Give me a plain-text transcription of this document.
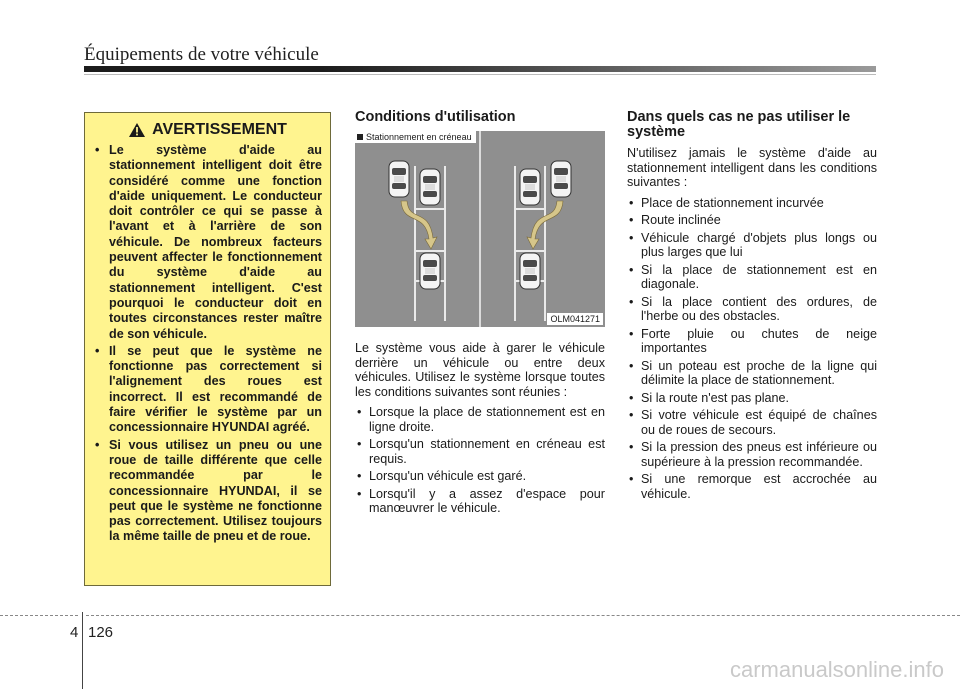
Équipements de votre véhicule
AVERTISSEMENT
• Le système d'aide au stationnement intelligent doit être considéré comme une fonction d'aide uniquement. Le conducteur doit contrôler ce qui se passe à l'avant et à l'arrière de son véhicule. De nombreux facteurs peuvent affecter le fonctionnement du système d'aide au stationnement intelligent. C'est pourquoi le conducteur doit en toutes circonstances rester maître de son véhicule.
• Il se peut que le système ne fonctionne pas correctement si l'alignement des roues est incorrect. Il est recommandé de faire vérifier le système par un concessionnaire HYUNDAI agréé.
• Si vous utilisez un pneu ou une roue de taille différente que celle recommandée par le concessionnaire HYUNDAI, il se peut que le système ne fonctionne pas correctement. Utilisez toujours la même taille de pneu et de roue.
Conditions d'utilisation
Stationnement en créneau
OLM041271

Le système vous aide à garer le véhicule derrière un véhicule ou entre deux véhicules. Utilisez le système lorsque toutes les conditions suivantes sont réunies :

• Lorsque la place de stationnement est en ligne droite.
• Lorsqu'un stationnement en créneau est requis.
• Lorsqu'un véhicule est garé.
• Lorsqu'il y a assez d'espace pour manœuvrer le véhicule.
Dans quels cas ne pas utiliser le système

N'utilisez jamais le système d'aide au stationnement intelligent dans les conditions suivantes :

• Place de stationnement incurvée
• Route inclinée
• Véhicule chargé d'objets plus longs ou plus larges que lui
• Si la place de stationnement est en diagonale.
• Si la place contient des ordures, de l'herbe ou des obstacles.
• Forte pluie ou chutes de neige importantes
• Si un poteau est proche de la ligne qui délimite la place de stationnement.
• Si la route n'est pas plane.
• Si votre véhicule est équipé de chaînes ou de roues de secours.
• Si la pression des pneus est inférieure ou supérieure à la pression recommandée.
• Si une remorque est accrochée au véhicule.
4 126
carmanualsonline.info
